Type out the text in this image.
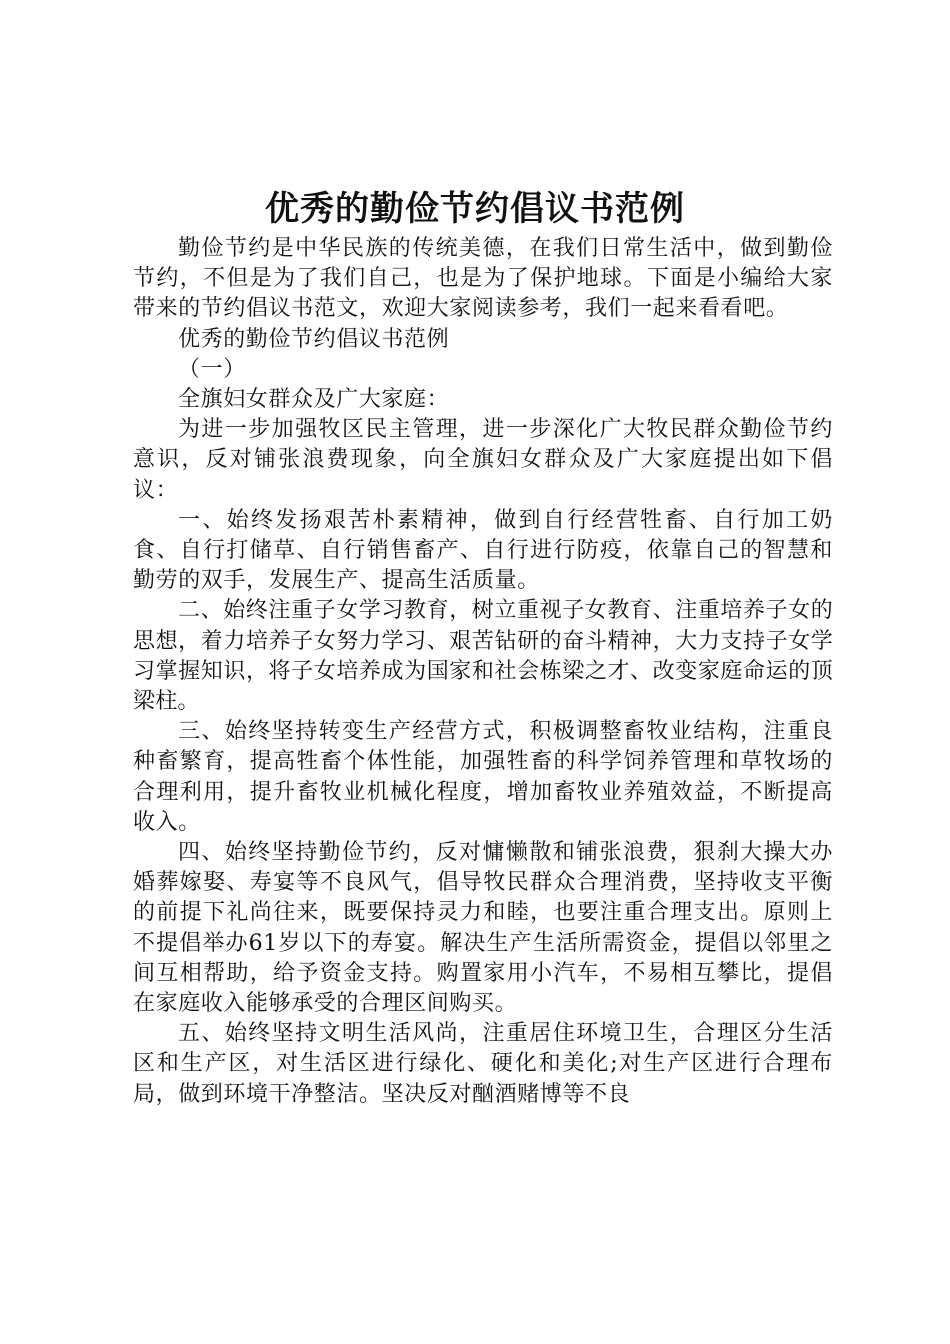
优秀的勤俭节约倡议书范例

勤俭节约是中华民族的传统美德，在我们日常生活中，做到勤俭节约，不但是为了我们自己，也是为了保护地球。下面是小编给大家带来的节约倡议书范文，欢迎大家阅读参考，我们一起来看看吧。

优秀的勤俭节约倡议书范例

（一）

全旗妇女群众及广大家庭：

为进一步加强牧区民主管理，进一步深化广大牧民群众勤俭节约意识，反对铺张浪费现象，向全旗妇女群众及广大家庭提出如下倡议：

一、始终发扬艰苦朴素精神，做到自行经营牲畜、自行加工奶食、自行打储草、自行销售畜产、自行进行防疫，依靠自己的智慧和勤劳的双手，发展生产、提高生活质量。

二、始终注重子女学习教育，树立重视子女教育、注重培养子女的思想，着力培养子女努力学习、艰苦钻研的奋斗精神，大力支持子女学习掌握知识，将子女培养成为国家和社会栋梁之才、改变家庭命运的顶梁柱。

三、始终坚持转变生产经营方式，积极调整畜牧业结构，注重良种畜繁育，提高牲畜个体性能，加强牲畜的科学饲养管理和草牧场的合理利用，提升畜牧业机械化程度，增加畜牧业养殖效益，不断提高收入。

四、始终坚持勤俭节约，反对慵懒散和铺张浪费，狠刹大操大办婚葬嫁娶、寿宴等不良风气，倡导牧民群众合理消费，坚持收支平衡的前提下礼尚往来，既要保持灵力和睦，也要注重合理支出。原则上不提倡举办61岁以下的寿宴。解决生产生活所需资金，提倡以邻里之间互相帮助，给予资金支持。购置家用小汽车，不易相互攀比，提倡在家庭收入能够承受的合理区间购买。

五、始终坚持文明生活风尚，注重居住环境卫生，合理区分生活区和生产区，对生活区进行绿化、硬化和美化;对生产区进行合理布局，做到环境干净整洁。坚决反对酗酒赌博等不良
